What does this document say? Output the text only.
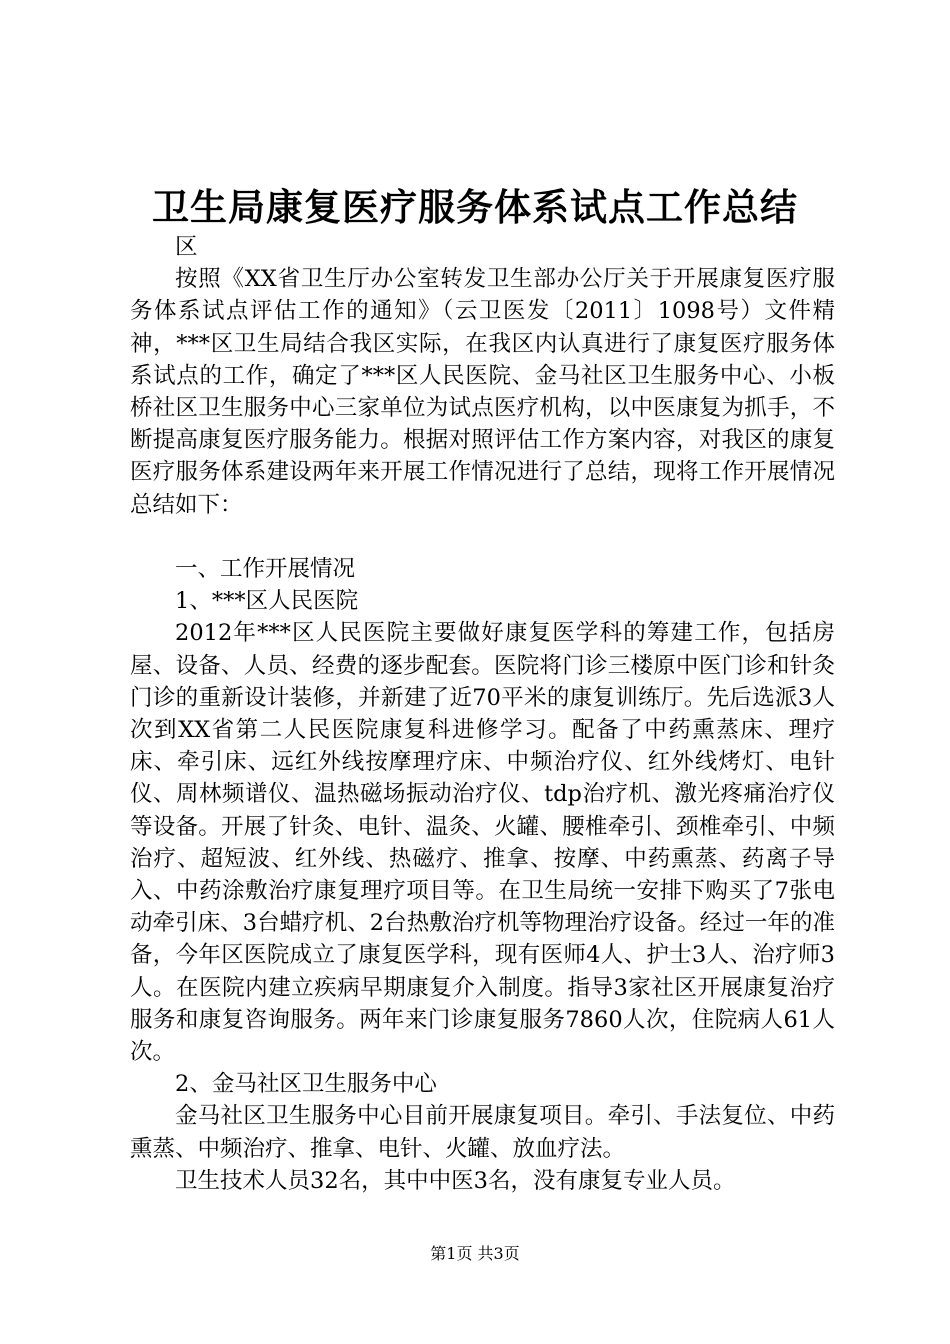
卫生局康复医疗服务体系试点工作总结

区

按照《XX省卫生厅办公室转发卫生部办公厅关于开展康复医疗服务体系试点评估工作的通知》（云卫医发〔2011〕1098号）文件精神，***区卫生局结合我区实际，在我区内认真进行了康复医疗服务体系试点的工作，确定了***区人民医院、金马社区卫生服务中心、小板桥社区卫生服务中心三家单位为试点医疗机构，以中医康复为抓手，不断提高康复医疗服务能力。根据对照评估工作方案内容，对我区的康复医疗服务体系建设两年来开展工作情况进行了总结，现将工作开展情况总结如下：

一、工作开展情况

1、***区人民医院

2012年***区人民医院主要做好康复医学科的筹建工作，包括房屋、设备、人员、经费的逐步配套。医院将门诊三楼原中医门诊和针灸门诊的重新设计装修，并新建了近70平米的康复训练厅。先后选派3人次到XX省第二人民医院康复科进修学习。配备了中药熏蒸床、理疗床、牵引床、远红外线按摩理疗床、中频治疗仪、红外线烤灯、电针仪、周林频谱仪、温热磁场振动治疗仪、tdp治疗机、激光疼痛治疗仪等设备。开展了针灸、电针、温灸、火罐、腰椎牵引、颈椎牵引、中频治疗、超短波、红外线、热磁疗、推拿、按摩、中药熏蒸、药离子导入、中药涂敷治疗康复理疗项目等。在卫生局统一安排下购买了7张电动牵引床、3台蜡疗机、2台热敷治疗机等物理治疗设备。经过一年的准备，今年区医院成立了康复医学科，现有医师4人、护士3人、治疗师3人。在医院内建立疾病早期康复介入制度。指导3家社区开展康复治疗服务和康复咨询服务。两年来门诊康复服务7860人次，住院病人61人次。

2、金马社区卫生服务中心

金马社区卫生服务中心目前开展康复项目。牵引、手法复位、中药熏蒸、中频治疗、推拿、电针、火罐、放血疗法。

卫生技术人员32名，其中中医3名，没有康复专业人员。

第1页 共3页
